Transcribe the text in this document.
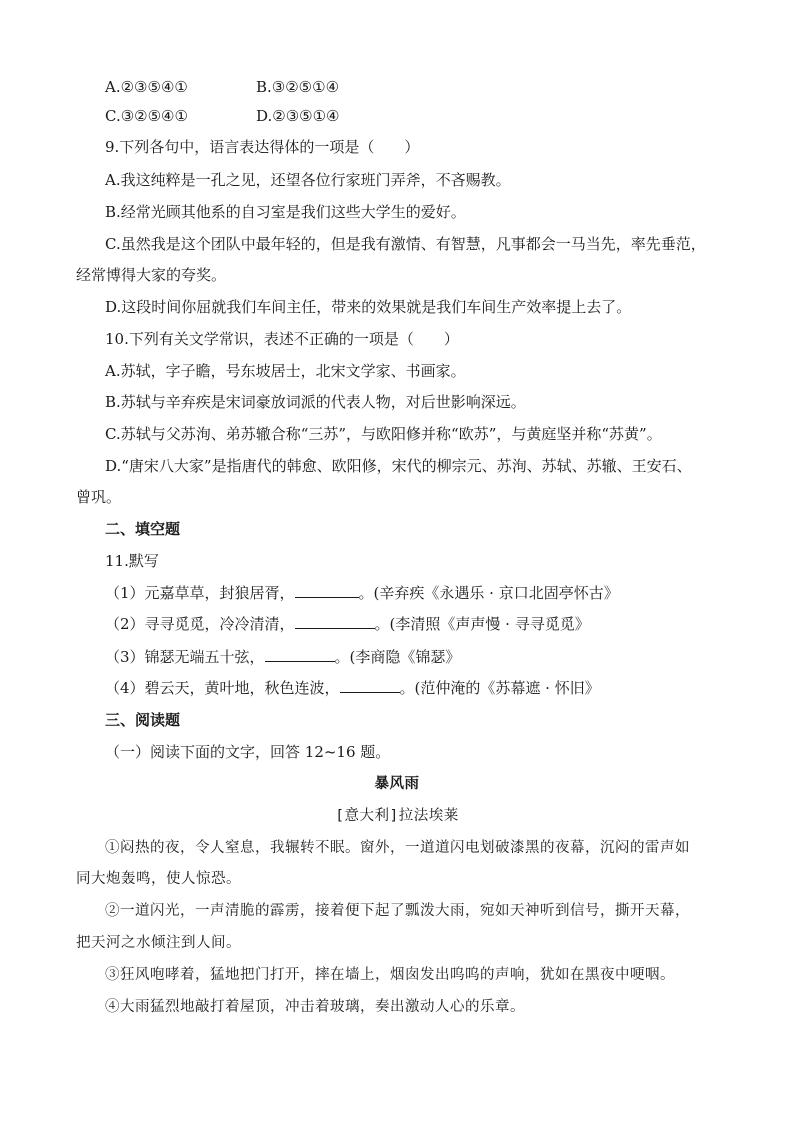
A.②③⑤④①	B.③②⑤①④
C.③②⑤④①	D.②③⑤①④
9.下列各句中，语言表达得体的一项是（　　）
A.我这纯粹是一孔之见，还望各位行家班门弄斧，不吝赐教。
B.经常光顾其他系的自习室是我们这些大学生的爱好。
C.虽然我是这个团队中最年轻的，但是我有激情、有智慧，凡事都会一马当先，率先垂范，
经常博得大家的夸奖。
D.这段时间你屈就我们车间主任，带来的效果就是我们车间生产效率提上去了。
10.下列有关文学常识，表述不正确的一项是（　　）
A.苏轼，字子瞻，号东坡居士，北宋文学家、书画家。
B.苏轼与辛弃疾是宋词豪放词派的代表人物，对后世影响深远。
C.苏轼与父苏洵、弟苏辙合称“三苏”，与欧阳修并称“欧苏”，与黄庭坚并称“苏黄”。
D.“唐宋八大家”是指唐代的韩愈、欧阳修，宋代的柳宗元、苏洵、苏轼、苏辙、王安石、
曾巩。
二、填空题
11.默写
（1）元嘉草草，封狼居胥，	。(辛弃疾《永遇乐 · 京口北固亭怀古》
（2）寻寻觅觅，冷冷清清，	。(李清照《声声慢 · 寻寻觅觅》
（3）锦瑟无端五十弦，	。(李商隐《锦瑟》
（4）碧云天，黄叶地，秋色连波，	。(范仲淹的《苏幕遮 · 怀旧》
三、阅读题
（一）阅读下面的文字，回答 12~16 题。
暴风雨
[意大利]拉法埃莱
①闷热的夜，令人窒息，我辗转不眠。窗外，一道道闪电划破漆黑的夜幕，沉闷的雷声如
同大炮轰鸣，使人惊恐。
②一道闪光，一声清脆的霹雳，接着便下起了瓢泼大雨，宛如天神听到信号，撕开天幕，
把天河之水倾注到人间。
③狂风咆哮着，猛地把门打开，摔在墙上，烟囱发出呜呜的声响，犹如在黑夜中哽咽。
④大雨猛烈地敲打着屋顶，冲击着玻璃，奏出激动人心的乐章。
